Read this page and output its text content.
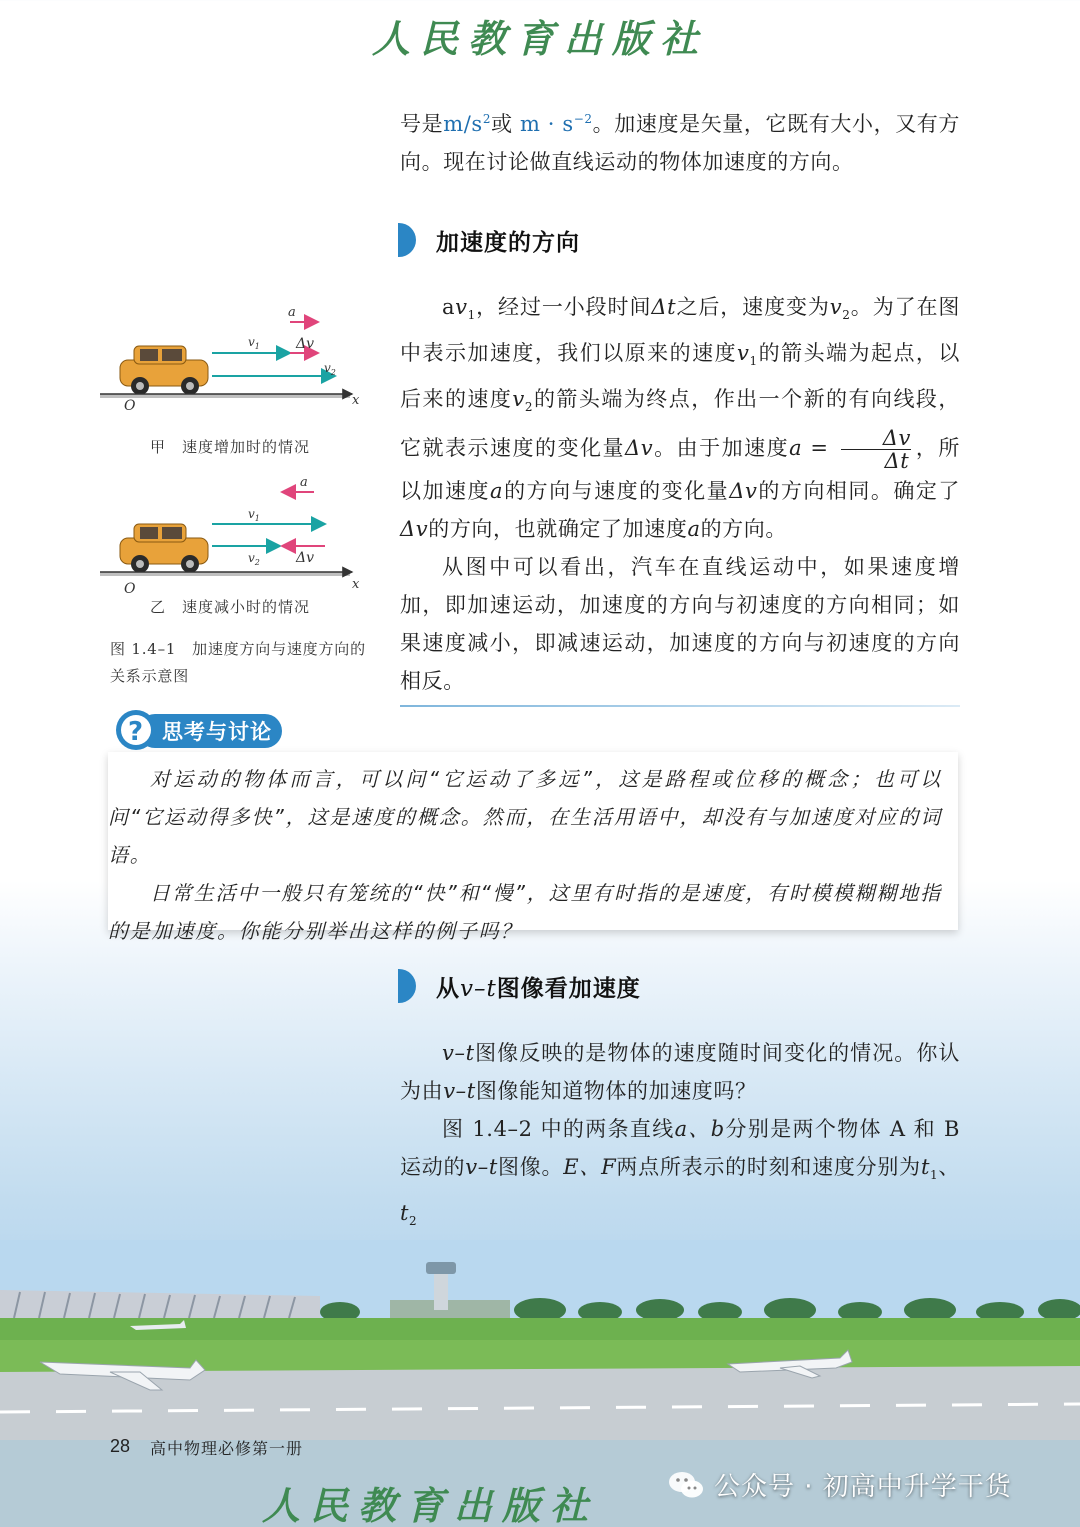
人民教育出版社

号是$m/s^2$或 $m \cdot s^{-2}$。加速度是矢量，它既有大小，又有方向。现在讨论做直线运动的物体加速度的方向。

加速度的方向

$av_1$，经过一小段时间Δt之后，速度变为$v_2$。为了在图中表示加速度，我们以原来的速度$v_1$的箭头端为起点，以后来的速度$v_2$的箭头端为终点，作出一个新的有向线段，它就表示速度的变化量Δv。由于加速度$a = \frac{\Delta v}{\Delta t}$ ，所以加速度a的方向与速度的变化量Δv的方向相同。确定了Δv的方向，也就确定了加速度a的方向。

从图中可以看出，汽车在直线运动中，如果速度增加，即加速运动，加速度的方向与初速度的方向相同；如果速度减小，即减速运动，加速度的方向与初速度的方向相反。

a
$v_1$	Δv
$v_2$
O	x
a
$v_1$
$v_2$	Δv
O	x
甲　速度增加时的情况
乙　速度减小时的情况
图 1.4–1　加速度方向与速度方向的关系示意图
? 思考与讨论

对运动的物体而言，可以问“它运动了多远”，这是路程或位移的概念；也可以问“它运动得多快”，这是速度的概念。然而，在生活用语中，却没有与加速度对应的词语。

日常生活中一般只有笼统的“快”和“慢”，这里有时指的是速度，有时模模糊糊地指的是加速度。你能分别举出这样的例子吗？

从v–t图像看加速度

v–t图像反映的是物体的速度随时间变化的情况。你认为由v–t图像能知道物体的加速度吗？

图 1.4–2 中的两条直线a、b分别是两个物体 A 和 B 运动的v–t图像。E、F两点所表示的时刻和速度分别为$t_1$、$t_2$

28 高中物理必修第一册
人民教育出版社	公众号 · 初高中升学干货
